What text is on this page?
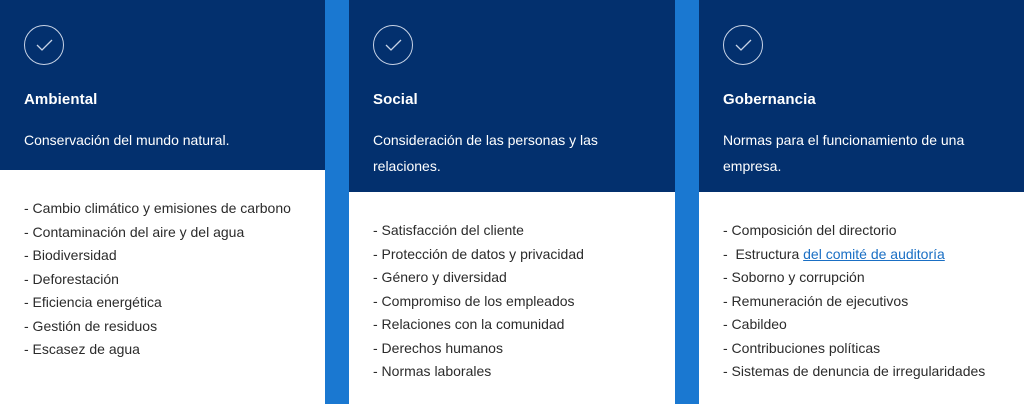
Ambiental
Conservación del mundo natural.
- Cambio climático y emisiones de carbono
- Contaminación del aire y del agua
- Biodiversidad
- Deforestación
- Eficiencia energética
- Gestión de residuos
- Escasez de agua
Social
Consideración de las personas y las relaciones.
- Satisfacción del cliente
- Protección de datos y privacidad
- Género y diversidad
- Compromiso de los empleados
- Relaciones con la comunidad
- Derechos humanos
- Normas laborales
Gobernancia
Normas para el funcionamiento de una empresa.
- Composición del directorio
-  Estructura del comité de auditoría
- Soborno y corrupción
- Remuneración de ejecutivos
- Cabildeo
- Contribuciones políticas
- Sistemas de denuncia de irregularidades
